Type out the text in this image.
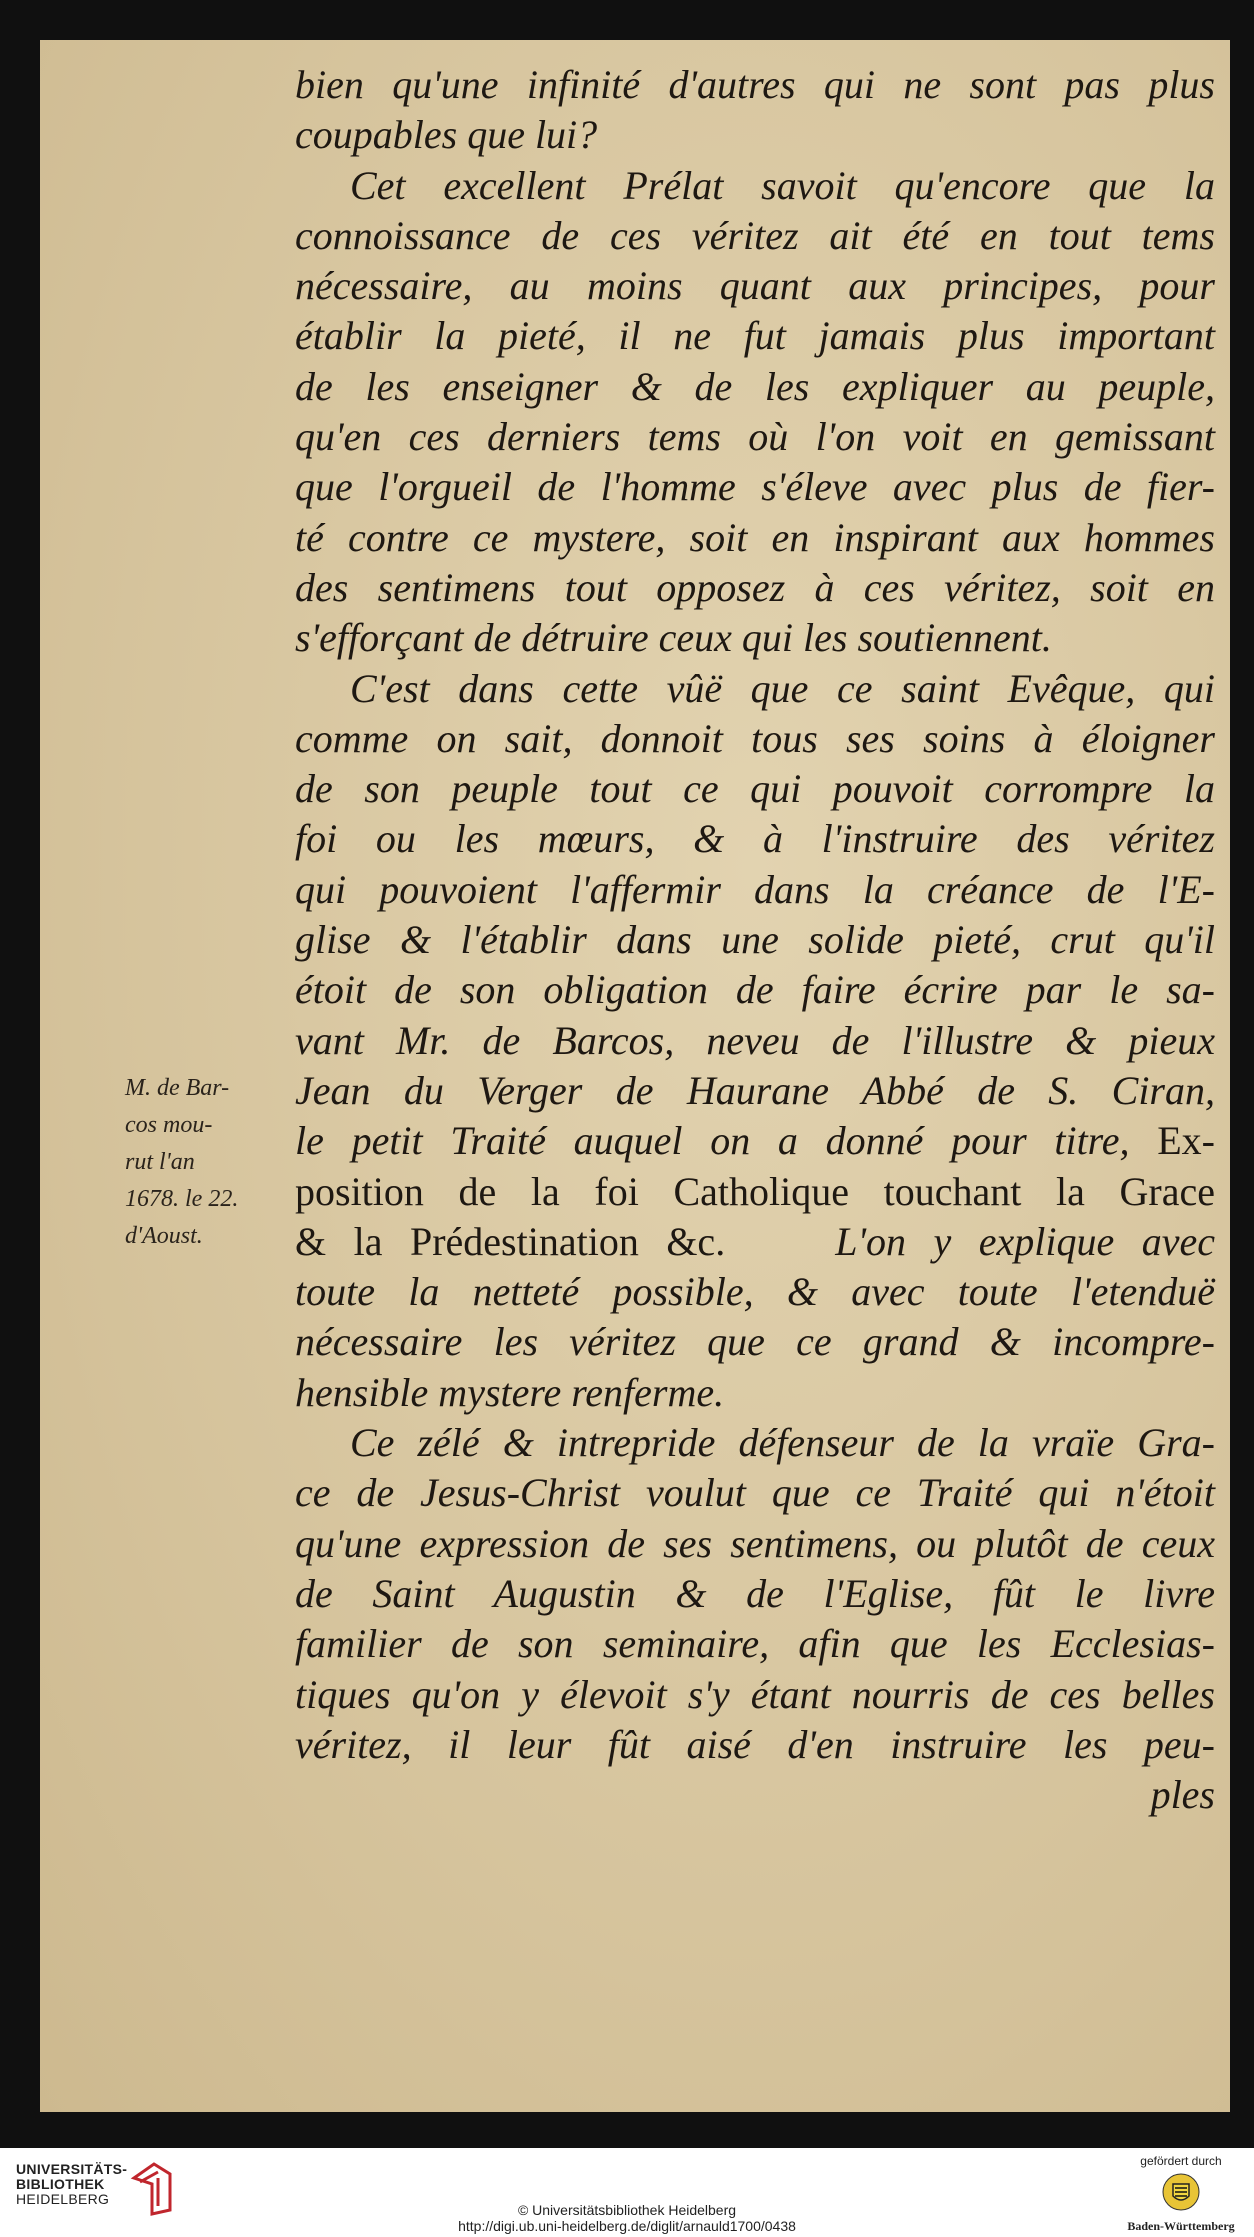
bien qu'une infinité d'autres qui ne sont pas plus
coupables que lui?
Cet excellent Prélat savoit qu'encore que la
connoissance de ces véritez ait été en tout tems
nécessaire, au moins quant aux principes, pour
établir la pieté, il ne fut jamais plus important
de les enseigner & de les expliquer au peuple,
qu'en ces derniers tems où l'on voit en gemissant
que l'orgueil de l'homme s'éleve avec plus de fier-
té contre ce mystere, soit en inspirant aux hommes
des sentimens tout opposez à ces véritez, soit en
s'efforçant de détruire ceux qui les soutiennent.
C'est dans cette vûë que ce saint Evêque, qui
comme on sait, donnoit tous ses soins à éloigner
de son peuple tout ce qui pouvoit corrompre la
foi ou les mœurs, & à l'instruire des véritez
qui pouvoient l'affermir dans la créance de l'E-
glise & l'établir dans une solide pieté, crut qu'il
étoit de son obligation de faire écrire par le sa-
vant Mr. de Barcos, neveu de l'illustre & pieux
Jean du Verger de Haurane Abbé de S. Ciran,
le petit Traité auquel on a donné pour titre, Ex-
position de la foi Catholique touchant la Grace
& la Prédestination &c.	L'on y explique avec
toute la netteté possible, & avec toute l'etenduë
nécessaire les véritez que ce grand & incompre-
hensible mystere renferme.
Ce zélé & intrepride défenseur de la vraïe Gra-
ce de Jesus-Christ voulut que ce Traité qui n'étoit
qu'une expression de ses sentimens, ou plutôt de ceux
de Saint Augustin & de l'Eglise, fût le livre
familier de son seminaire, afin que les Ecclesias-
tiques qu'on y élevoit s'y étant nourris de ces belles
véritez, il leur fût aisé d'en instruire les peu-
ples
M. de Bar-
cos mou-
rut l'an
1678. le 22.
d'Aoust.
UNIVERSITÄTS-
BIBLIOTHEK
HEIDELBERG
© Universitätsbibliothek Heidelberg
http://digi.ub.uni-heidelberg.de/diglit/arnauld1700/0438
gefördert durch
Baden-Württemberg
